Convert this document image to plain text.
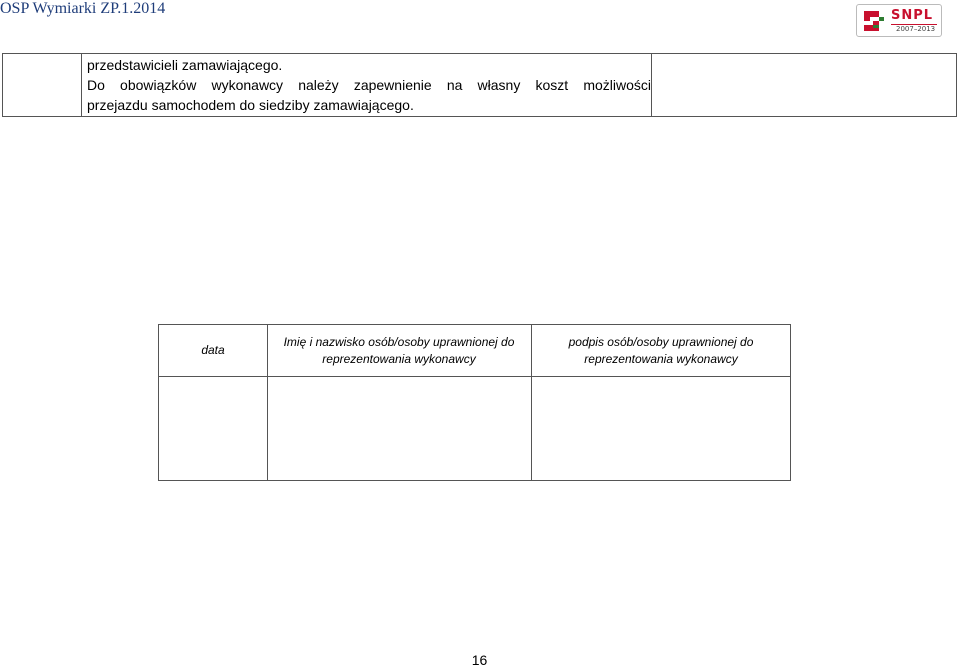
OSP Wymiarki ZP.1.2014	SNPL
2007–2013
przedstawicieli zamawiającego.
Do obowiązków wykonawcy należy zapewnienie na własny koszt możliwości
przejazdu samochodem do siedziby zamawiającego.
data
Imię i nazwisko osób/osoby uprawnionej do reprezentowania wykonawcy
podpis osób/osoby uprawnionej do reprezentowania wykonawcy
16
